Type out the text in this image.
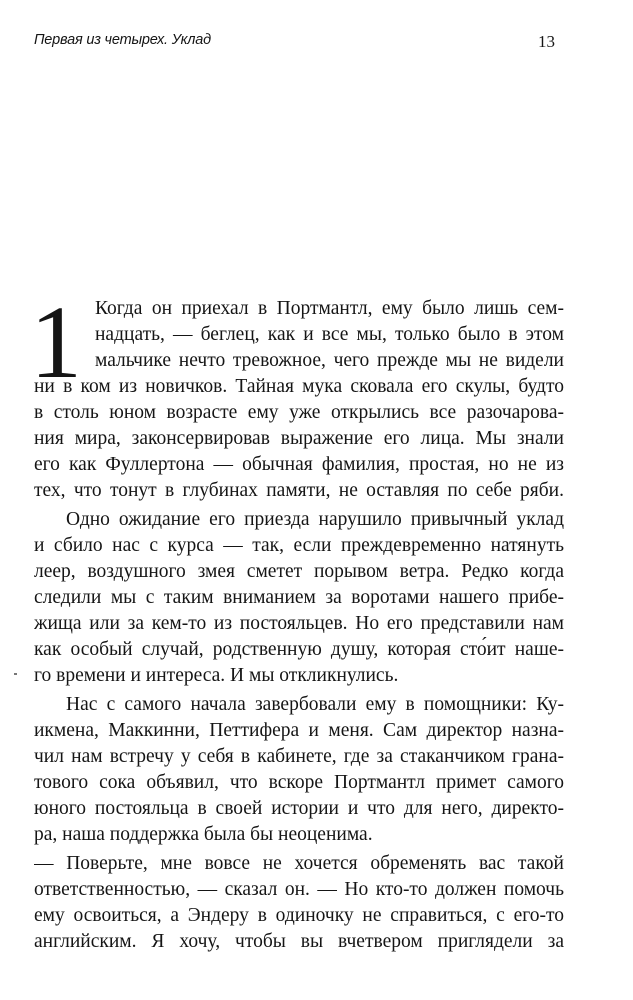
Первая из четырех. Уклад	13
1 Когда он приехал в Портмантл, ему было лишь сем-
надцать, — беглец, как и все мы, только было в этом
мальчике нечто тревожное, чего прежде мы не видели
ни в ком из новичков. Тайная мука сковала его скулы, будто
в столь юном возрасте ему уже открылись все разочарова-
ния мира, законсервировав выражение его лица. Мы знали
его как Фуллертона — обычная фамилия, простая, но не из
тех, что тонут в глубинах памяти, не оставляя по себе ряби.
Одно ожидание его приезда нарушило привычный уклад
и сбило нас с курса — так, если преждевременно натянуть
леер, воздушного змея сметет порывом ветра. Редко когда
следили мы с таким вниманием за воротами нашего прибе-
жища или за кем-то из постояльцев. Но его представили нам
как особый случай, родственную душу, которая сто́ит наше-
го времени и интереса. И мы откликнулись.
Нас с самого начала завербовали ему в помощники: Ку-
икмена, Маккинни, Петтифера и меня. Сам директор назна-
чил нам встречу у себя в кабинете, где за стаканчиком грана-
тового сока объявил, что вскоре Портмантл примет самого
юного постояльца в своей истории и что для него, директо-
ра, наша поддержка была бы неоценима.
— Поверьте, мне вовсе не хочется обременять вас такой
ответственностью, — сказал он. — Но кто-то должен помочь
ему освоиться, а Эндеру в одиночку не справиться, с его-то
английским. Я хочу, чтобы вы вчетвером приглядели за
